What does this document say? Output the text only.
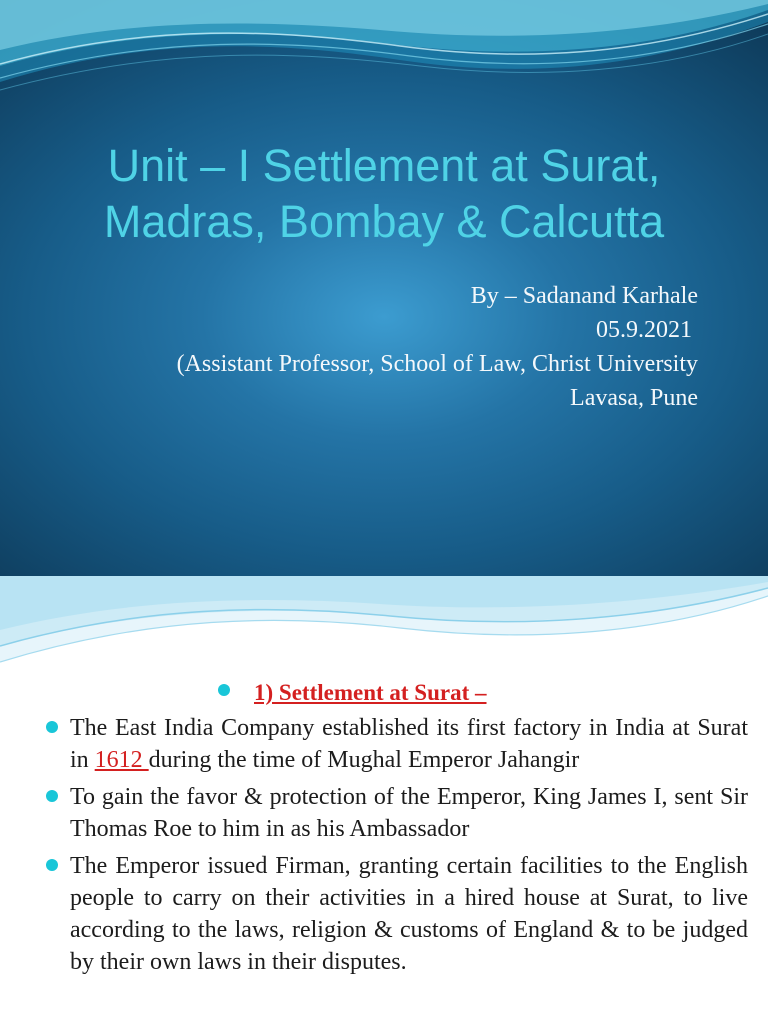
Unit – I Settlement at Surat,
Madras, Bombay & Calcutta
By – Sadanand Karhale
05.9.2021
(Assistant Professor, School of Law, Christ University
Lavasa, Pune
1) Settlement at Surat –
The East India Company established its first factory in India at Surat in 1612 during the time of Mughal Emperor Jahangir
To gain the favor & protection of the Emperor, King James I, sent Sir Thomas Roe to him in as his Ambassador
The Emperor issued Firman, granting certain facilities to the English people to carry on their activities in a hired house at Surat, to live according to the laws, religion & customs of England & to be judged by their own laws in their disputes.
